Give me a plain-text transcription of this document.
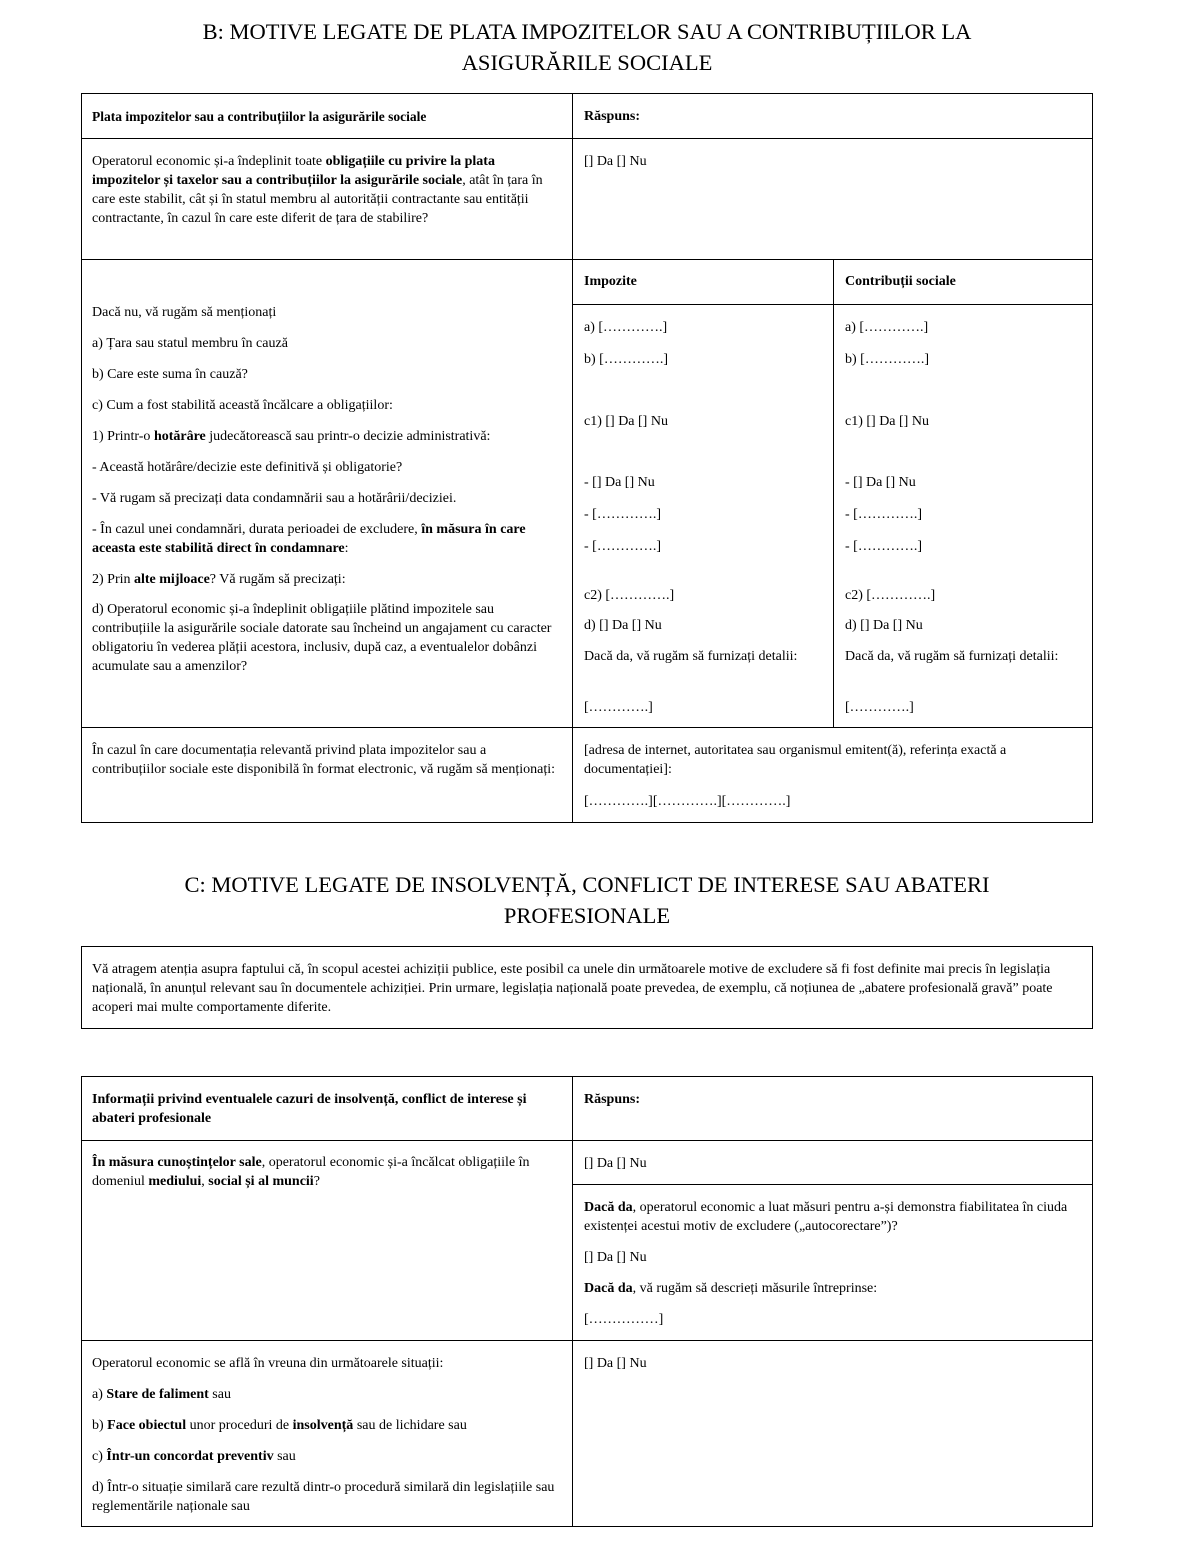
B: MOTIVE LEGATE DE PLATA IMPOZITELOR SAU A CONTRIBUȚIILOR LA
ASIGURĂRILE SOCIALE
Plata impozitelor sau a contribuțiilor la asigurările sociale	Răspuns:
Operatorul economic și-a îndeplinit toate obligațiile cu privire la plata impozitelor și taxelor sau a contribuțiilor la asigurările sociale, atât în țara în care este stabilit, cât și în statul membru al autorității contractante sau entității contractante, în cazul în care este diferit de țara de stabilire?
[] Da [] Nu
Impozite	Contribuții sociale
Dacă nu, vă rugăm să menționați
a) Țara sau statul membru în cauză
b) Care este suma în cauză?
c) Cum a fost stabilită această încălcare a obligațiilor:
1) Printr-o hotărâre judecătorească sau printr-o decizie administrativă:
- Această hotărâre/decizie este definitivă și obligatorie?
- Vă rugam să precizați data condamnării sau a hotărârii/deciziei.
- În cazul unei condamnări, durata perioadei de excludere, în măsura în care aceasta este stabilită direct în condamnare:
2) Prin alte mijloace? Vă rugăm să precizați:
d) Operatorul economic și-a îndeplinit obligațiile plătind impozitele sau contribuțiile la asigurările sociale datorate sau încheind un angajament cu caracter obligatoriu în vederea plății acestora, inclusiv, după caz, a eventualelor dobânzi acumulate sau a amenzilor?
a) [………….]
b) [………….]
c1) [] Da [] Nu
- [] Da [] Nu
- [………….]
- [………….]
c2) [………….]
d) [] Da [] Nu
Dacă da, vă rugăm să furnizați detalii:
[………….]
a) [………….]
b) [………….]
c1) [] Da [] Nu
- [] Da [] Nu
- [………….]
- [………….]
c2) [………….]
d) [] Da [] Nu
Dacă da, vă rugăm să furnizați detalii:
[………….]
În cazul în care documentația relevantă privind plata impozitelor sau a contribuțiilor sociale este disponibilă în format electronic, vă rugăm să menționați:
[adresa de internet, autoritatea sau organismul emitent(ă), referința exactă a documentației]:
[………….][………….][………….]
C: MOTIVE LEGATE DE INSOLVENȚĂ, CONFLICT DE INTERESE SAU ABATERI
PROFESIONALE
Vă atragem atenția asupra faptului că, în scopul acestei achiziții publice, este posibil ca unele din următoarele motive de excludere să fi fost definite mai precis în legislația națională, în anunțul relevant sau în documentele achiziției. Prin urmare, legislația națională poate prevedea, de exemplu, că noțiunea de „abatere profesională gravă” poate acoperi mai multe comportamente diferite.
Informații privind eventualele cazuri de insolvență, conflict de interese și abateri profesionale
Răspuns:
În măsura cunoștințelor sale, operatorul economic și-a încălcat obligațiile în domeniul mediului, social și al muncii?
[] Da [] Nu
Dacă da, operatorul economic a luat măsuri pentru a-și demonstra fiabilitatea în ciuda existenței acestui motiv de excludere („autocorectare”)?
[] Da [] Nu
Dacă da, vă rugăm să descrieți măsurile întreprinse:
[……………]
Operatorul economic se află în vreuna din următoarele situații:
a) Stare de faliment sau
b) Face obiectul unor proceduri de insolvență sau de lichidare sau
c) Într-un concordat preventiv sau
d) Într-o situație similară care rezultă dintr-o procedură similară din legislațiile sau reglementările naționale sau
[] Da [] Nu
